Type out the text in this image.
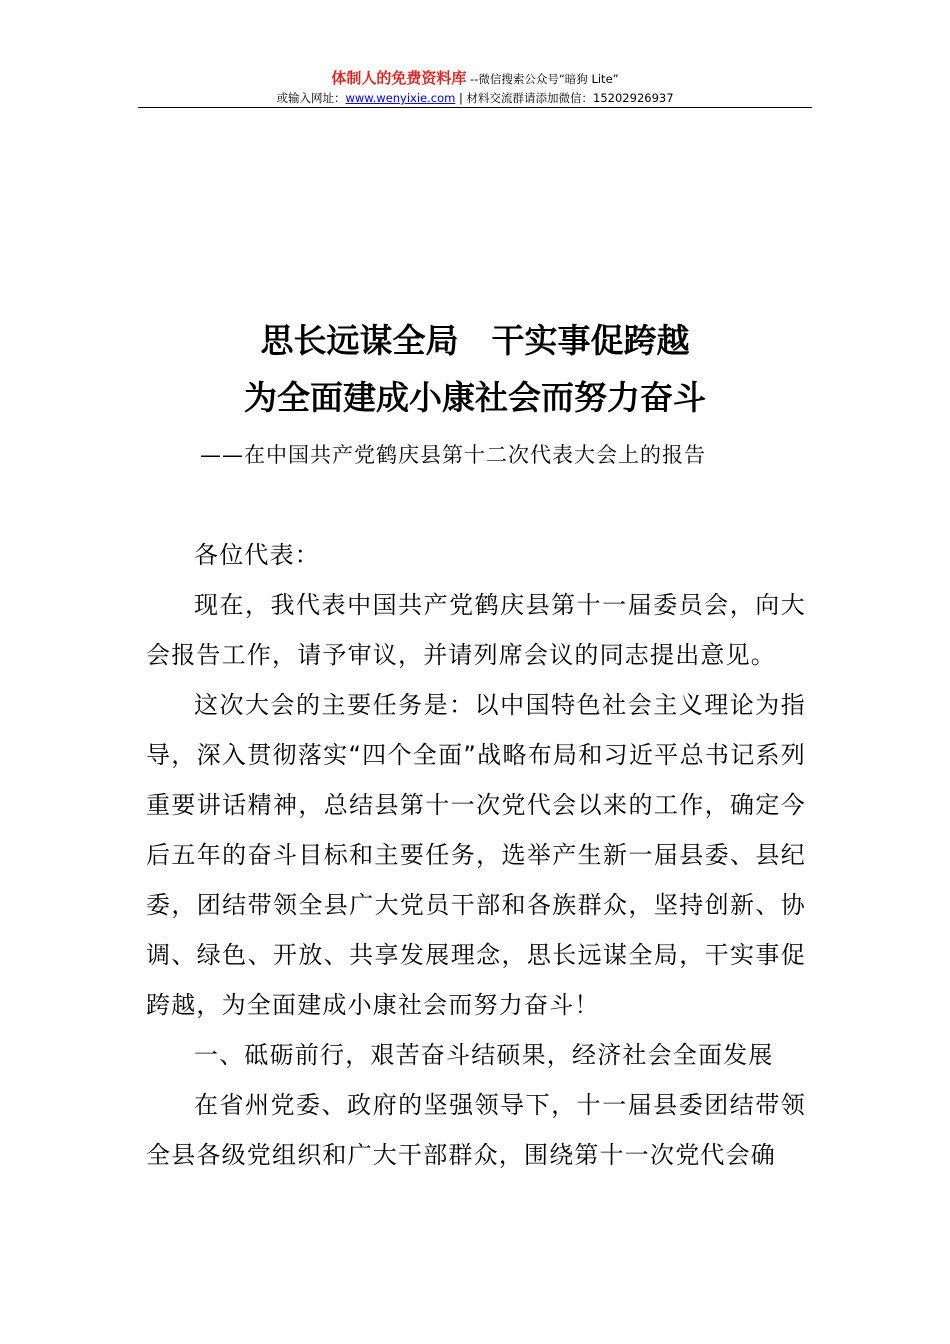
体制人的免费资料库 --微信搜索公众号“暗狗 Lite”
或输入网址：www.wenyixie.com | 材料交流群请添加微信：15202926937
思长远谋全局　干实事促跨越
为全面建成小康社会而努力奋斗
——在中国共产党鹤庆县第十二次代表大会上的报告

各位代表：

现在，我代表中国共产党鹤庆县第十一届委员会，向大会报告工作，请予审议，并请列席会议的同志提出意见。

这次大会的主要任务是：以中国特色社会主义理论为指导，深入贯彻落实“四个全面”战略布局和习近平总书记系列重要讲话精神，总结县第十一次党代会以来的工作，确定今后五年的奋斗目标和主要任务，选举产生新一届县委、县纪委，团结带领全县广大党员干部和各族群众，坚持创新、协调、绿色、开放、共享发展理念，思长远谋全局，干实事促跨越，为全面建成小康社会而努力奋斗！

一、砥砺前行，艰苦奋斗结硕果，经济社会全面发展

在省州党委、政府的坚强领导下，十一届县委团结带领全县各级党组织和广大干部群众，围绕第十一次党代会确
